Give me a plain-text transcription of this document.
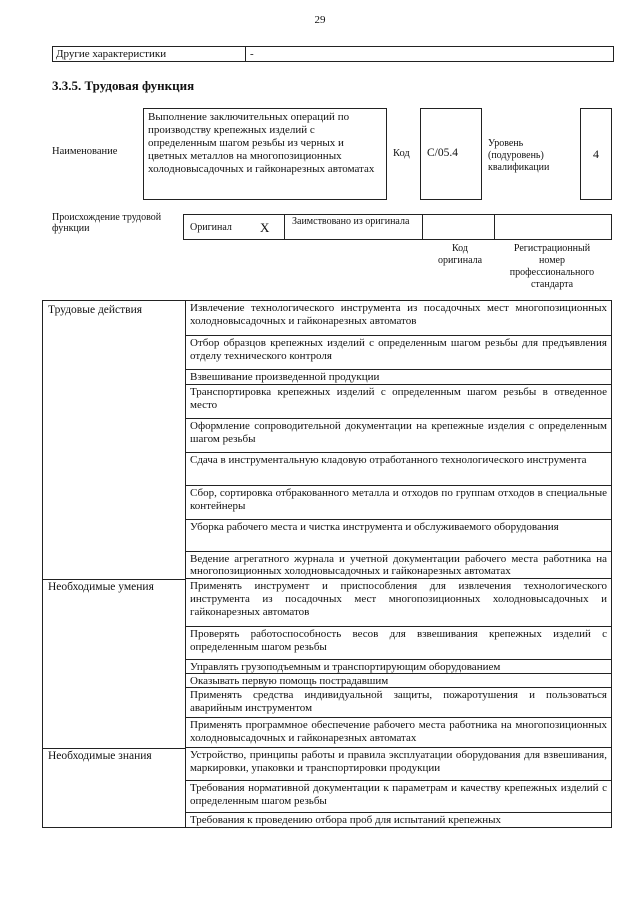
29
Другие характеристики	-
3.3.5. Трудовая функция
Наименование
Выполнение заключительных операций по производству крепежных изделий с определенным шагом резьбы из черных и цветных металлов на многопозиционных холодновысадочных и гайконарезных автоматах
Код	C/05.4
Уровень (подуровень) квалификации
4
Происхождение трудовой функции	Оригинал X Заимствовано из оригинала
Код оригинала
Регистрационный номер профессионального стандарта
Трудовые действия	Извлечение технологического инструмента из посадочных мест многопозиционных холодновысадочных и гайконарезных автоматов
Отбор образцов крепежных изделий с определенным шагом резьбы для предъявления отделу технического контроля
Взвешивание произведенной продукции
Транспортировка крепежных изделий с определенным шагом резьбы в отведенное место
Оформление сопроводительной документации на крепежные изделия с определенным шагом резьбы
Сдача в инструментальную кладовую отработанного технологического инструмента
Сбор, сортировка отбракованного металла и отходов по группам отходов в специальные контейнеры
Уборка рабочего места и чистка инструмента и обслуживаемого оборудования
Ведение агрегатного журнала и учетной документации рабочего места работника на многопозиционных холодновысадочных и гайконарезных автоматах
Необходимые умения	Применять инструмент и приспособления для извлечения технологического инструмента из посадочных мест многопозиционных холодновысадочных и гайконарезных автоматов
Проверять работоспособность весов для взвешивания крепежных изделий с определенным шагом резьбы
Управлять грузоподъемным и транспортирующим оборудованием
Оказывать первую помощь пострадавшим
Применять средства индивидуальной защиты, пожаротушения и пользоваться аварийным инструментом
Применять программное обеспечение рабочего места работника на многопозиционных холодновысадочных и гайконарезных автоматах
Необходимые знания	Устройство, принципы работы и правила эксплуатации оборудования для взвешивания, маркировки, упаковки и транспортировки продукции
Требования нормативной документации к параметрам и качеству крепежных изделий с определенным шагом резьбы
Требования к проведению отбора проб для испытаний крепежных
